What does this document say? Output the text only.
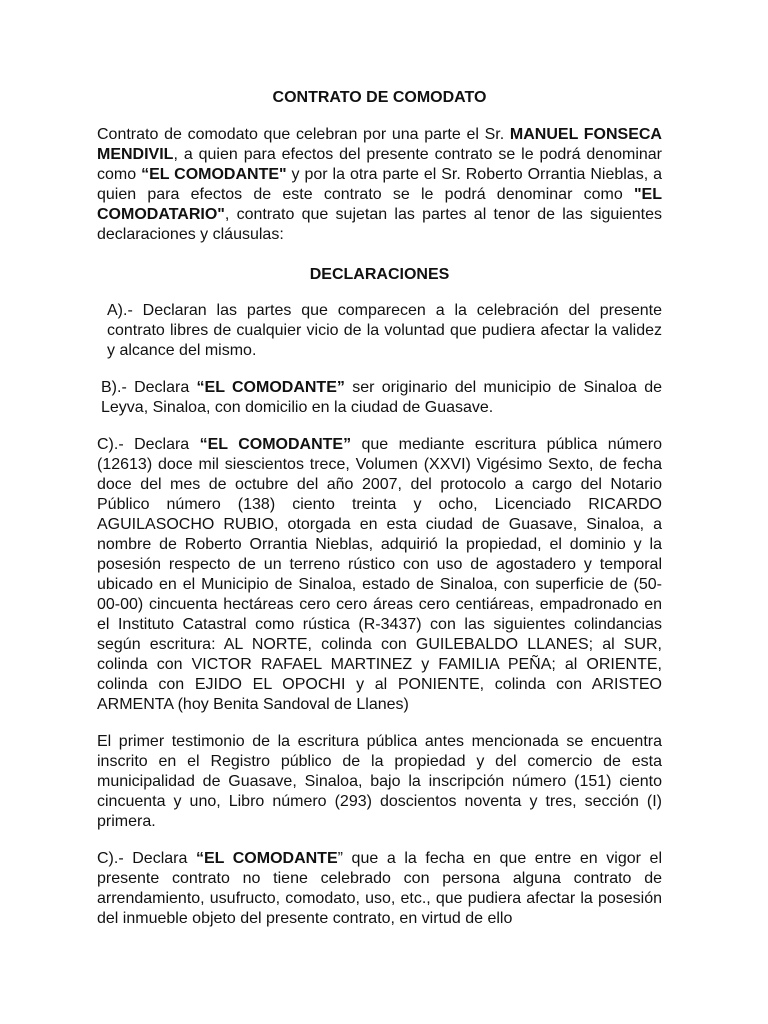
CONTRATO DE COMODATO

Contrato de comodato que celebran por una parte el Sr. MANUEL FONSECA MENDIVIL, a quien para efectos del presente contrato se le podrá denominar como “EL COMODANTE" y por la otra parte el Sr. Roberto Orrantia Nieblas, a quien para efectos de este contrato se le podrá denominar como "EL COMODATARIO", contrato que sujetan las partes al tenor de las siguientes declaraciones y cláusulas:

DECLARACIONES

A).- Declaran las partes que comparecen a la celebración del presente contrato libres de cualquier vicio de la voluntad que pudiera afectar la validez y alcance del mismo.

B).- Declara “EL COMODANTE” ser originario del municipio de Sinaloa de Leyva, Sinaloa, con domicilio en la ciudad de Guasave.

C).- Declara “EL COMODANTE” que mediante escritura pública número (12613) doce mil siescientos trece, Volumen (XXVI) Vigésimo Sexto, de fecha doce del mes de octubre del año 2007, del protocolo a cargo del Notario Público número (138) ciento treinta y ocho, Licenciado RICARDO AGUILASOCHO RUBIO, otorgada en esta ciudad de Guasave, Sinaloa, a nombre de Roberto Orrantia Nieblas, adquirió la propiedad, el dominio y la posesión respecto de un terreno rústico con uso de agostadero y temporal ubicado en el Municipio de Sinaloa, estado de Sinaloa, con superficie de (50-00-00) cincuenta hectáreas cero cero áreas cero centiáreas, empadronado en el Instituto Catastral como rústica (R-3437) con las siguientes colindancias según escritura: AL NORTE, colinda con GUILEBALDO LLANES; al SUR, colinda con VICTOR RAFAEL MARTINEZ y FAMILIA PEÑA; al ORIENTE, colinda con EJIDO EL OPOCHI y al PONIENTE, colinda con ARISTEO ARMENTA (hoy Benita Sandoval de Llanes)

El primer testimonio de la escritura pública antes mencionada se encuentra inscrito en el Registro público de la propiedad y del comercio de esta municipalidad de Guasave, Sinaloa, bajo la inscripción número (151) ciento cincuenta y uno, Libro número (293) doscientos noventa y tres, sección (I) primera.

C).- Declara “EL COMODANTE” que a la fecha en que entre en vigor el presente contrato no tiene celebrado con persona alguna contrato de arrendamiento, usufructo, comodato, uso, etc., que pudiera afectar la posesión del inmueble objeto del presente contrato, en virtud de ello
